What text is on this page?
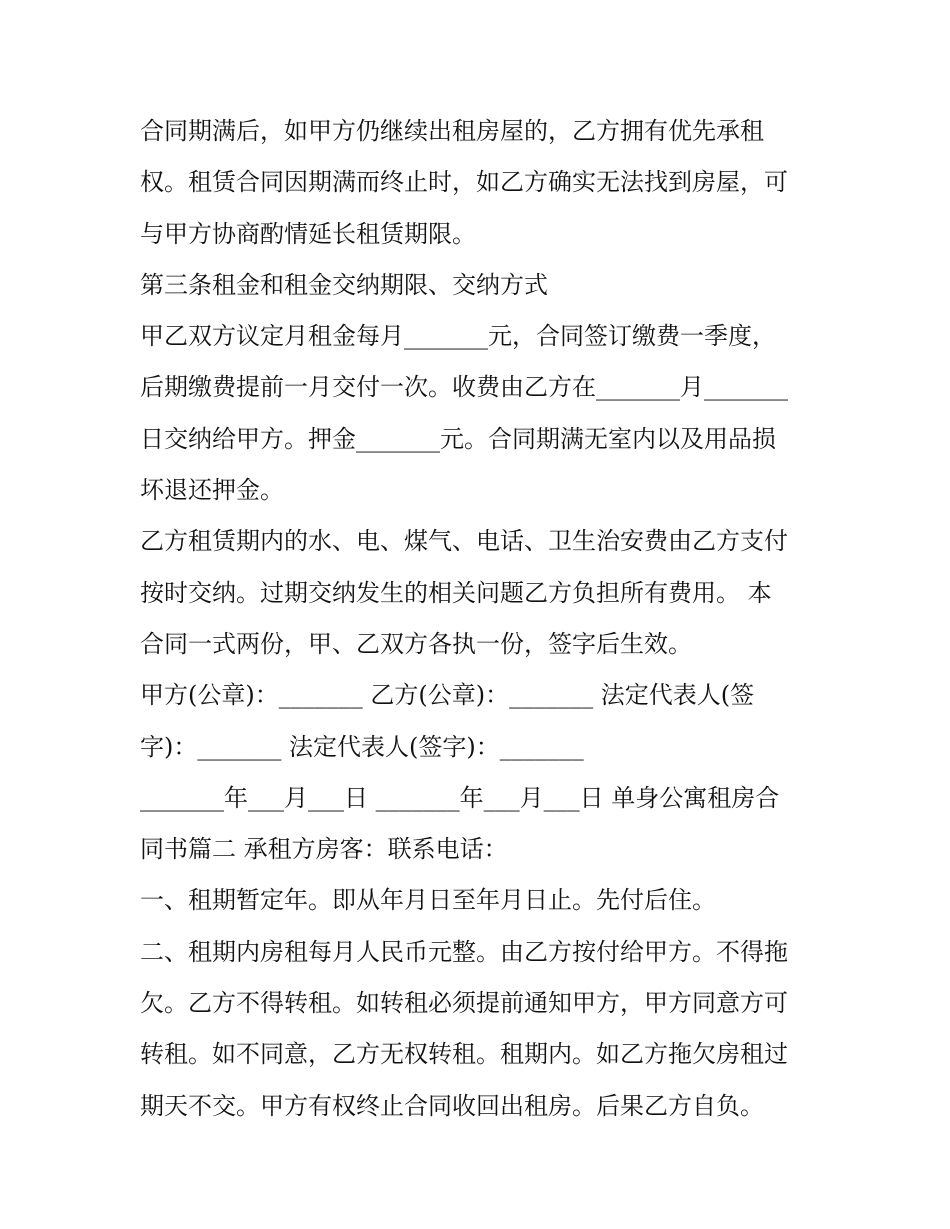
合同期满后，如甲方仍继续出租房屋的，乙方拥有优先承租
权。租赁合同因期满而终止时，如乙方确实无法找到房屋，可
与甲方协商酌情延长租赁期限。
第三条租金和租金交纳期限、交纳方式
甲乙双方议定月租金每月_______元，合同签订缴费一季度，
后期缴费提前一月交付一次。收费由乙方在_______月_______
日交纳给甲方。押金_______元。合同期满无室内以及用品损
坏退还押金。
乙方租赁期内的水、电、煤气、电话、卫生治安费由乙方支付
按时交纳。过期交纳发生的相关问题乙方负担所有费用。 本
合同一式两份，甲、乙双方各执一份，签字后生效。
甲方(公章)：_______ 乙方(公章)：_______ 法定代表人(签
字)：_______ 法定代表人(签字)：_______
_______年___月___日 _______年___月___日 单身公寓租房合
同书篇二 承租方房客：联系电话：
一、租期暂定年。即从年月日至年月日止。先付后住。
二、租期内房租每月人民币元整。由乙方按付给甲方。不得拖
欠。乙方不得转租。如转租必须提前通知甲方，甲方同意方可
转租。如不同意，乙方无权转租。租期内。如乙方拖欠房租过
期天不交。甲方有权终止合同收回出租房。后果乙方自负。
